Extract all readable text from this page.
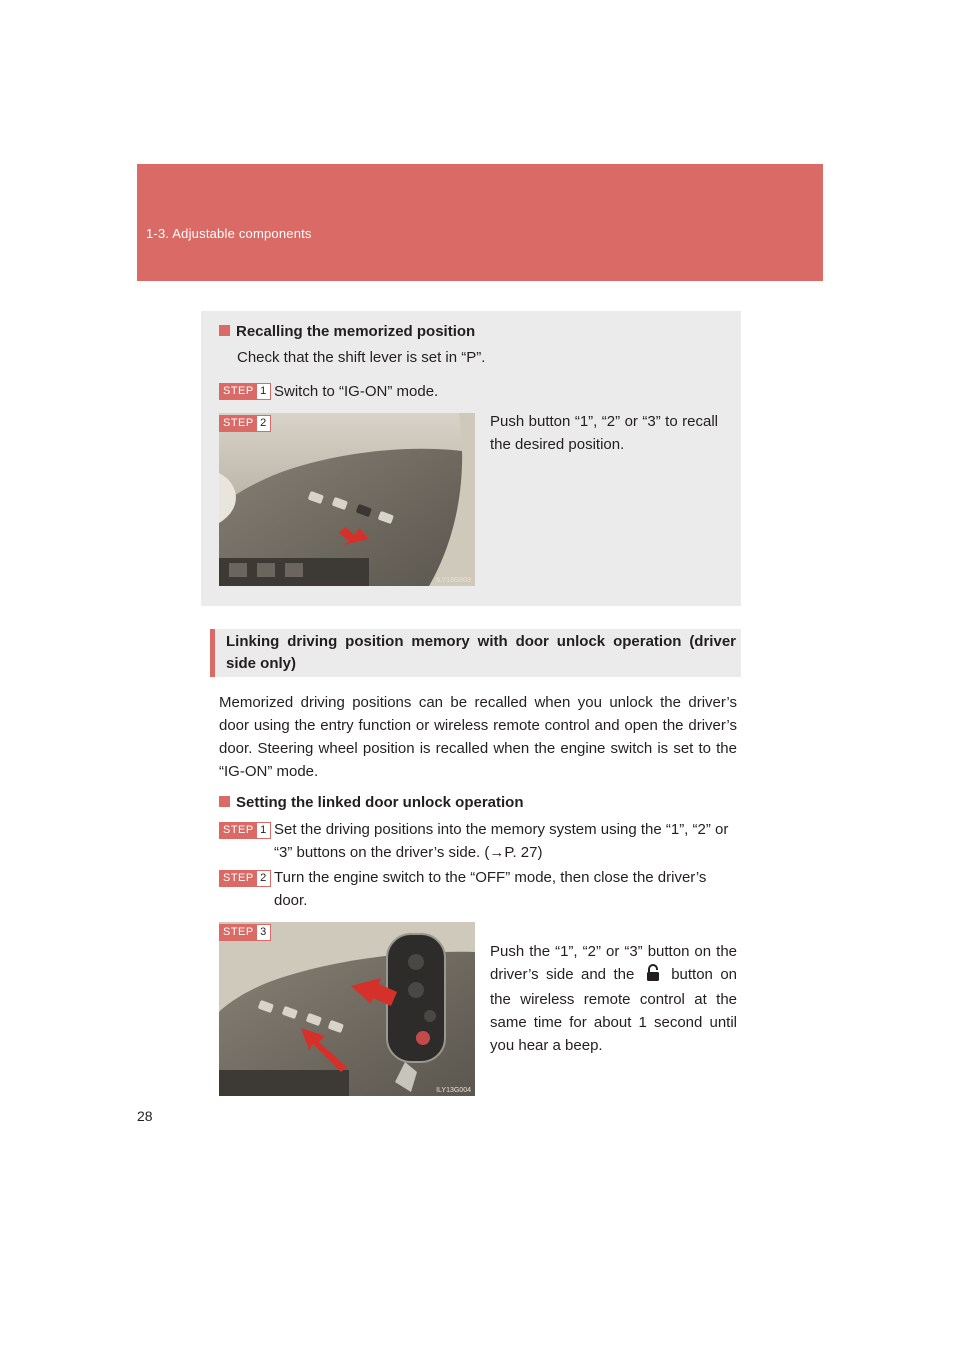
1-3. Adjustable components
Recalling the memorized position
Check that the shift lever is set in “P”.
STEP 1 Switch to “IG-ON” mode.
STEP 2
ILY13G003
Push button “1”, “2” or “3” to recall the desired position.
Linking driving position memory with door unlock operation (driver side only)
Memorized driving positions can be recalled when you unlock the driver’s door using the entry function or wireless remote control and open the driver’s door. Steering wheel position is recalled when the engine switch is set to the “IG-ON” mode.
Setting the linked door unlock operation
STEP 1 Set the driving positions into the memory system using the “1”, “2” or “3” buttons on the driver’s side. (→P. 27)
STEP 2 Turn the engine switch to the “OFF” mode, then close the driver’s door.
STEP 3
ILY13G004
Push the “1”, “2” or “3” button on the driver’s side and the button on the wireless remote control at the same time for about 1 second until you hear a beep.
28
